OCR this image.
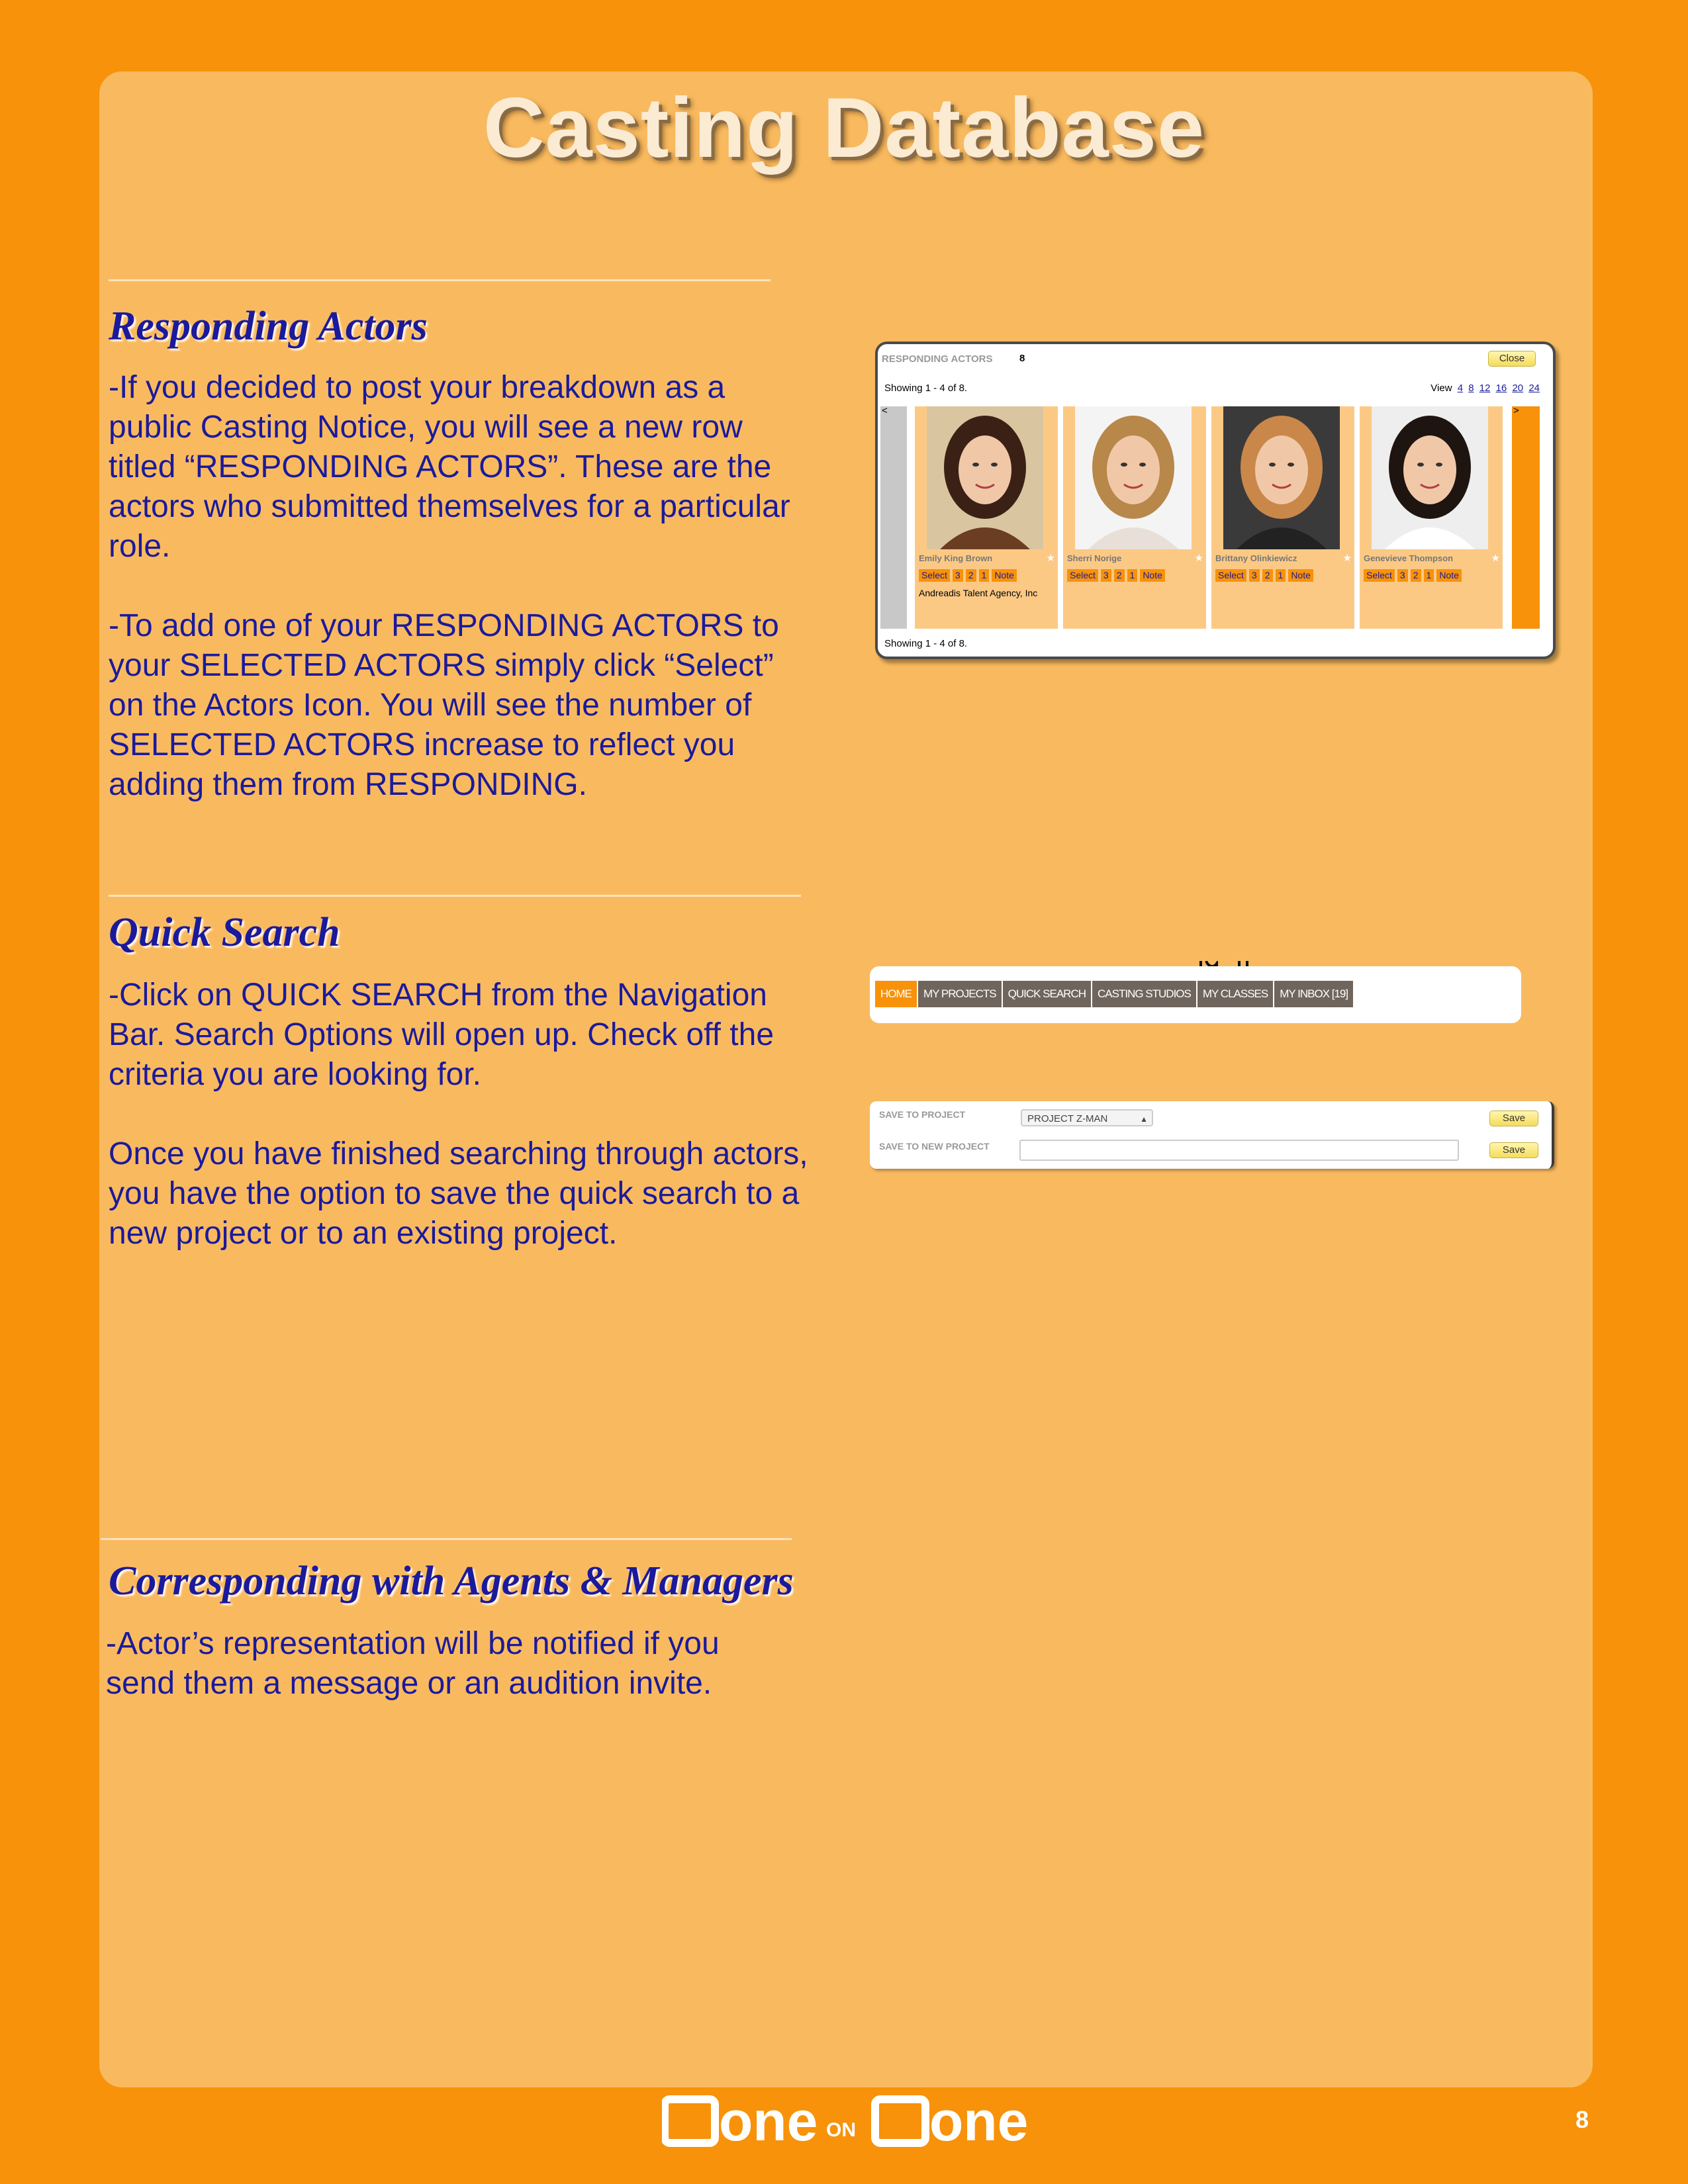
Casting Database
Responding Actors
-If you decided to post your breakdown as a
public Casting Notice, you will see a new row
titled “RESPONDING ACTORS”. These are the
actors who submitted themselves for a particular
role.

-To add one of your RESPONDING ACTORS to
your SELECTED ACTORS simply click “Select”
on the Actors Icon. You will see the number of
SELECTED ACTORS increase to reflect you
adding them from RESPONDING.
Quick Search
-Click on QUICK SEARCH from the Navigation
Bar. Search Options will open up. Check off the
criteria you are looking for.

Once you have finished searching through actors,
you have the option to save the quick search to a
new project or to an existing project.
Corresponding with Agents & Managers
-Actor’s representation will be notified if you
send them a message or an audition invite.
RESPONDING ACTORS	8	Close
Showing 1 - 4 of 8.	View 4 8 12 16 20 24
<	>
Emily King Brown	★
Select 3 2 1 Note
Andreadis Talent Agency, Inc
Sherri Norige	★
Select 3 2 1 Note
Brittany Olinkiewicz	★
Select 3 2 1 Note
Genevieve Thompson	★
Select 3 2 1 Note
Showing 1 - 4 of 8.
HOME	MY PROJECTS	QUICK SEARCH	CASTING STUDIOS	MY CLASSES	MY INBOX [19]
SAVE TO PROJECT	PROJECT Z-MAN	▲	Save
SAVE TO NEW PROJECT	Save
one ON one	8
